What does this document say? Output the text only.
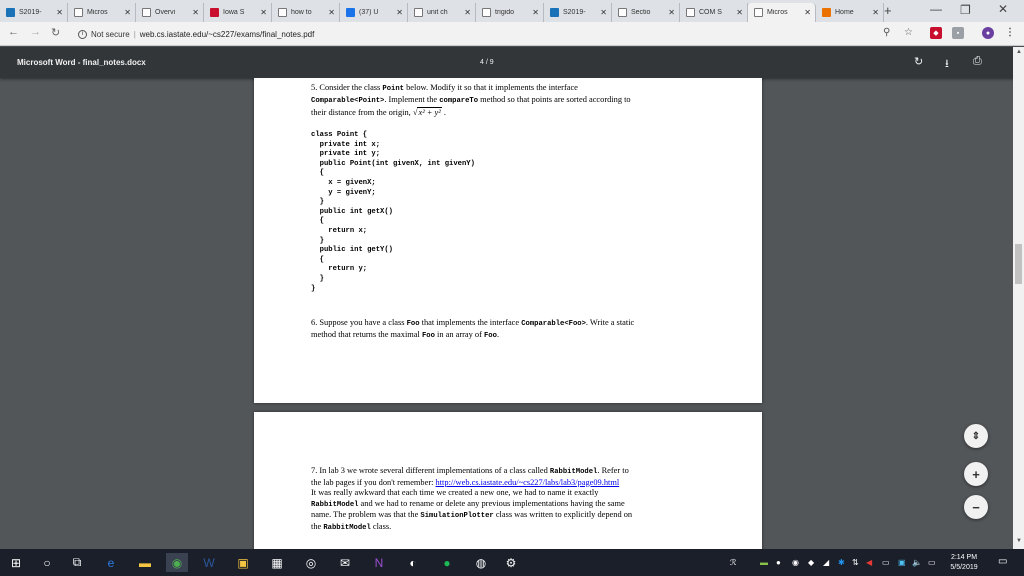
S2019-	✕	Micros	✕	Overvi	✕	Iowa S	✕	how to	✕	(37) U	✕	unit ch	✕	trigido	✕	S2019-	✕	Sectio	✕	COM S	✕	Micros	✕	Home	✕ +	— ❐ ✕
← → ↻	i Not secure | web.cs.iastate.edu/~cs227/exams/final_notes.pdf	⚲ ☆	◆	▪	●	⋮
Microsoft Word - final_notes.docx	4 / 9	↻ ⭳ ⎙
5. Consider the class Point below. Modify it so that it implements the interface
Comparable<Point>. Implement the compareTo method so that points are sorted according to
their distance from the origin, √x² + y² .
class Point {
private int x;
private int y;
public Point(int givenX, int givenY)
{
x = givenX;
y = givenY;
}
public int getX()
{
return x;
}
public int getY()
{
return y;
}
}
6. Suppose you have a class Foo that implements the interface Comparable<Foo>. Write a static
method that returns the maximal Foo in an array of Foo.
7. In lab 3 we wrote several different implementations of a class called RabbitModel. Refer to
the lab pages if you don't remember: http://web.cs.iastate.edu/~cs227/labs/lab3/page09.html
It was really awkward that each time we created a new one, we had to name it exactly
RabbitModel and we had to rename or delete any previous implementations having the same
name. The problem was that the SimulationPlotter class was written to explicitly depend on
the RabbitModel class.
⇕
+
−
▲
▼
⊞	○	⧉	e	▬	◉	W	▣	▦	◎	✉	N	◐	●	◍	⚙	ℛ	▬ ● ◉ ◆ ◢ ✱ ⇅ ◀ ▭ ▣ 🔈 ▭
2:14 PM
5/5/2019
▭
